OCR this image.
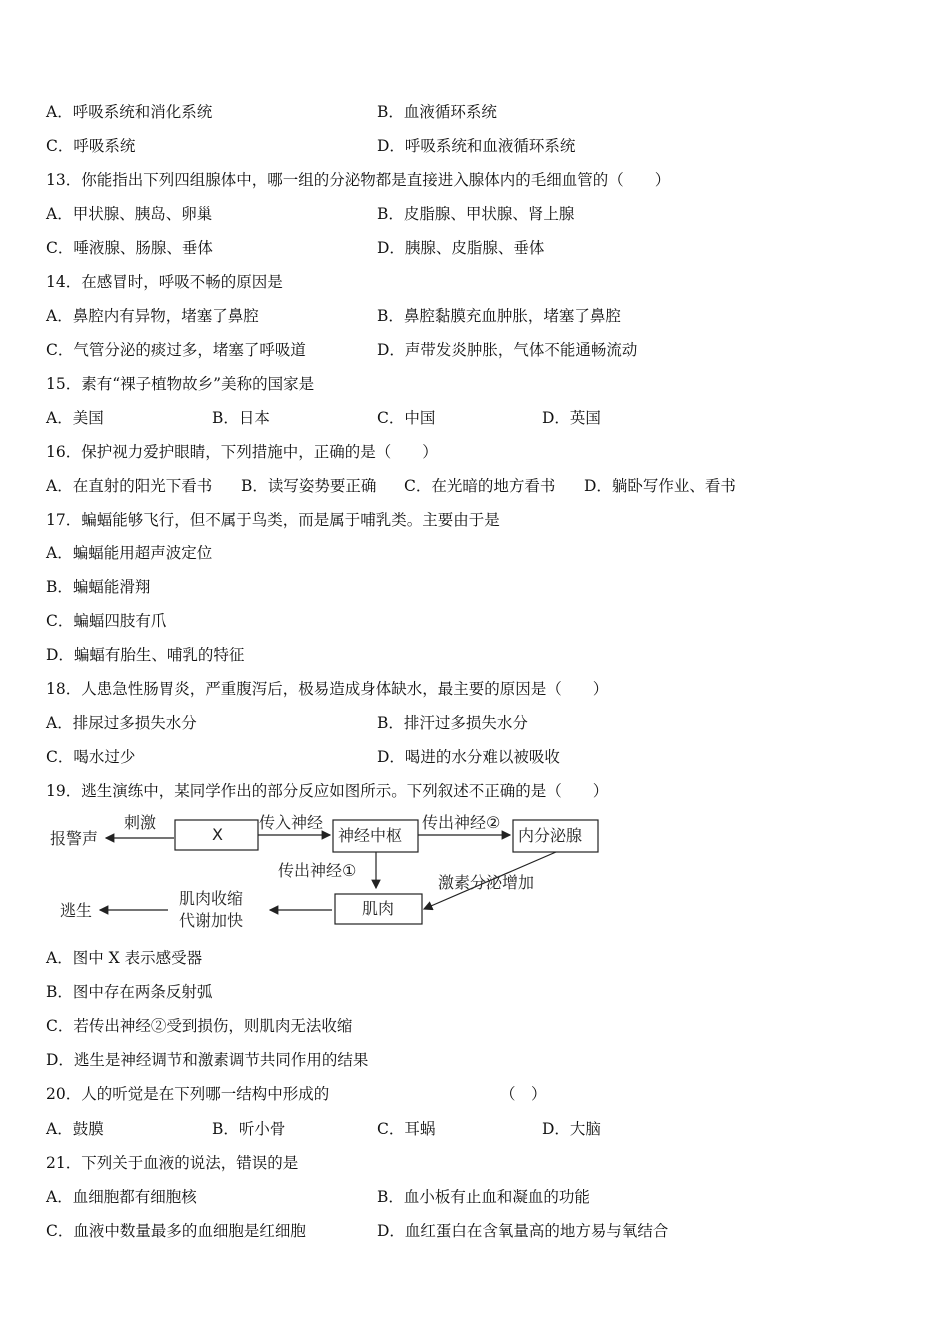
A．呼吸系统和消化系统	B．血液循环系统
C．呼吸系统	D．呼吸系统和血液循环系统
13．你能指出下列四组腺体中，哪一组的分泌物都是直接进入腺体内的毛细血管的（　　）
A．甲状腺、胰岛、卵巢	B．皮脂腺、甲状腺、肾上腺
C．唾液腺、肠腺、垂体	D．胰腺、皮脂腺、垂体
14．在感冒时，呼吸不畅的原因是
A．鼻腔内有异物，堵塞了鼻腔	B．鼻腔黏膜充血肿胀，堵塞了鼻腔
C．气管分泌的痰过多，堵塞了呼吸道	D．声带发炎肿胀，气体不能通畅流动
15．素有“裸子植物故乡”美称的国家是
A．美国	B．日本	C．中国	D．英国
16．保护视力爱护眼睛，下列措施中，正确的是（　　）
A．在直射的阳光下看书 B．读写姿势要正确 C．在光暗的地方看书 D．躺卧写作业、看书
17．蝙蝠能够飞行，但不属于鸟类，而是属于哺乳类。主要由于是
A．蝙蝠能用超声波定位
B．蝙蝠能滑翔
C．蝙蝠四肢有爪
D．蝙蝠有胎生、哺乳的特征
18．人患急性肠胃炎，严重腹泻后，极易造成身体缺水，最主要的原因是（　　）
A．排尿过多损失水分	B．排汗过多损失水分
C．喝水过少	D．喝进的水分难以被吸收
19．逃生演练中，某同学作出的部分反应如图所示。下列叙述不正确的是（　　）
报警声
刺激
X
传入神经
神经中枢
传出神经②
内分泌腺
传出神经①
激素分泌增加
肌肉
肌肉收缩
代谢加快
逃生
A．图中 X 表示感受器
B．图中存在两条反射弧
C．若传出神经②受到损伤，则肌肉无法收缩
D．逃生是神经调节和激素调节共同作用的结果
20．人的听觉是在下列哪一结构中形成的	（　）
A．鼓膜	B．听小骨	C．耳蜗	D．大脑
21．下列关于血液的说法，错误的是
A．血细胞都有细胞核	B．血小板有止血和凝血的功能
C．血液中数量最多的血细胞是红细胞	D．血红蛋白在含氧量高的地方易与氧结合
